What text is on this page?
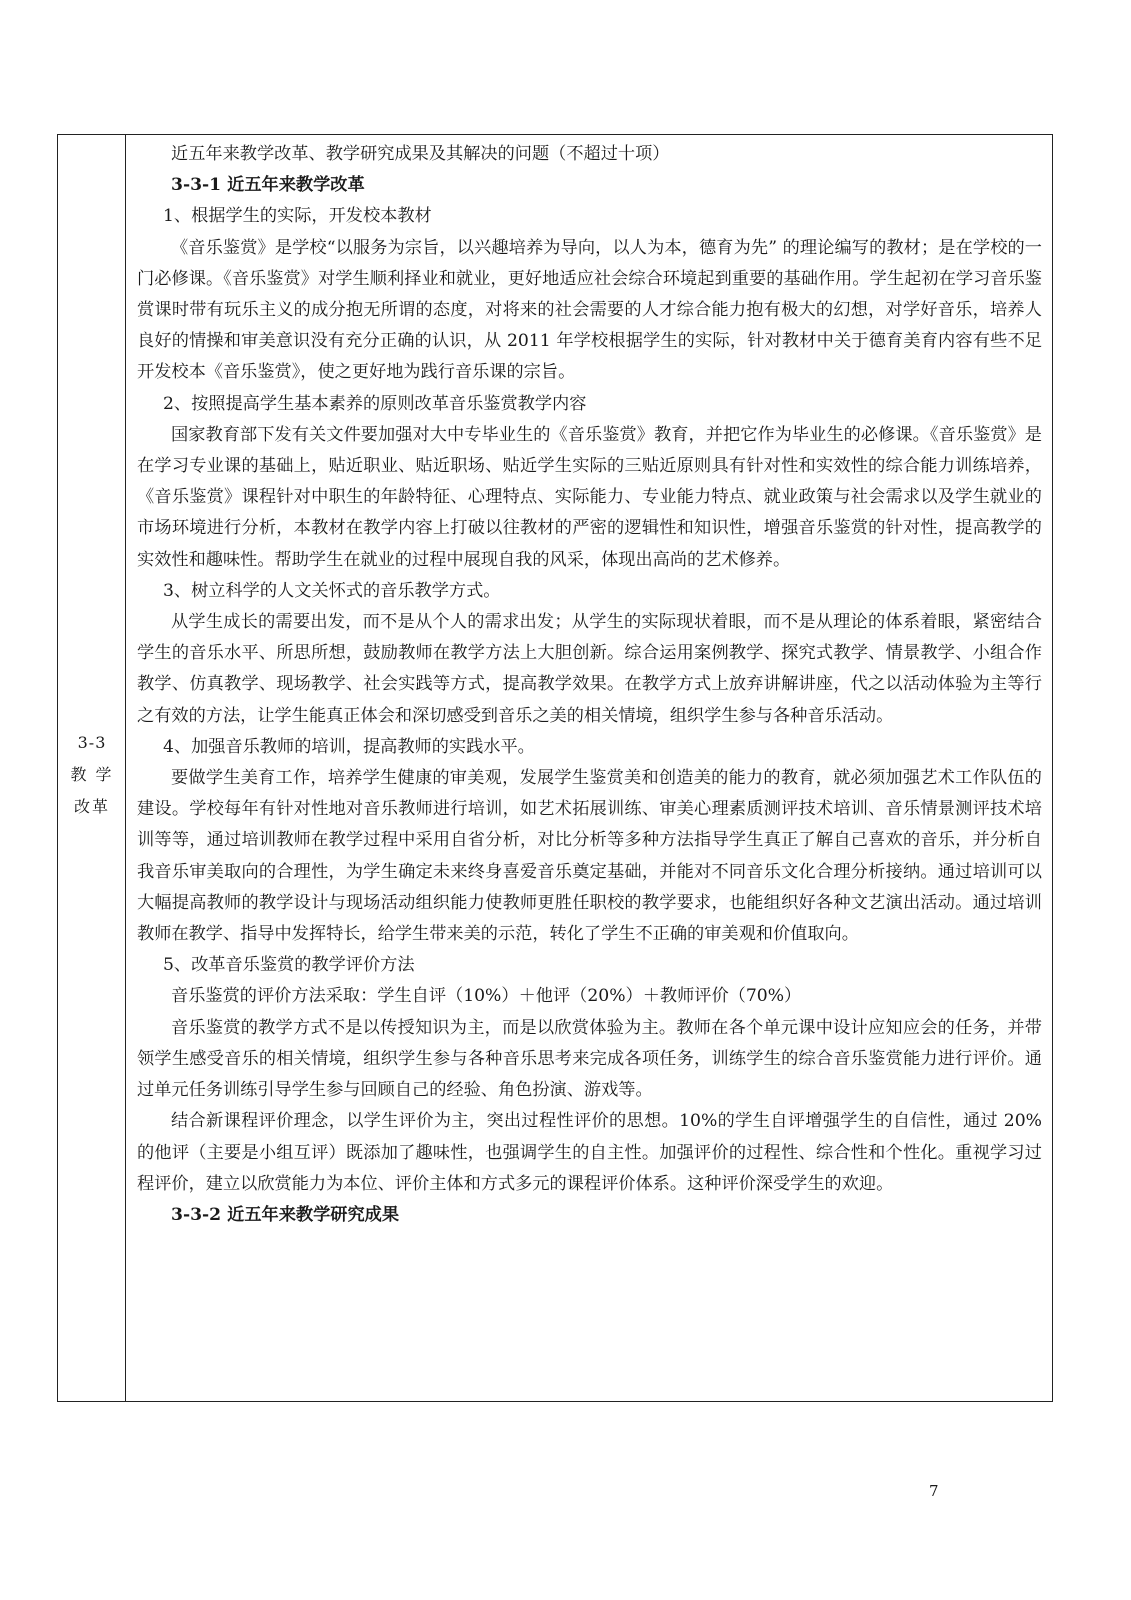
3-3
教 学
改革
近五年来教学改革、教学研究成果及其解决的问题（不超过十项）
3-3-1 近五年来教学改革
1、根据学生的实际，开发校本教材
《音乐鉴赏》是学校“以服务为宗旨，以兴趣培养为导向，以人为本，德育为先” 的理论编写的教材；是在学校的一门必修课。《音乐鉴赏》对学生顺利择业和就业，更好地适应社会综合环境起到重要的基础作用。学生起初在学习音乐鉴赏课时带有玩乐主义的成分抱无所谓的态度，对将来的社会需要的人才综合能力抱有极大的幻想，对学好音乐，培养人良好的情操和审美意识没有充分正确的认识，从 2011 年学校根据学生的实际，针对教材中关于德育美育内容有些不足开发校本《音乐鉴赏》，使之更好地为践行音乐课的宗旨。
2、按照提高学生基本素养的原则改革音乐鉴赏教学内容
国家教育部下发有关文件要加强对大中专毕业生的《音乐鉴赏》教育，并把它作为毕业生的必修课。《音乐鉴赏》是在学习专业课的基础上，贴近职业、贴近职场、贴近学生实际的三贴近原则具有针对性和实效性的综合能力训练培养，《音乐鉴赏》课程针对中职生的年龄特征、心理特点、实际能力、专业能力特点、就业政策与社会需求以及学生就业的市场环境进行分析，本教材在教学内容上打破以往教材的严密的逻辑性和知识性，增强音乐鉴赏的针对性，提高教学的实效性和趣味性。帮助学生在就业的过程中展现自我的风采，体现出高尚的艺术修养。
3、树立科学的人文关怀式的音乐教学方式。
从学生成长的需要出发，而不是从个人的需求出发；从学生的实际现状着眼，而不是从理论的体系着眼，紧密结合学生的音乐水平、所思所想，鼓励教师在教学方法上大胆创新。综合运用案例教学、探究式教学、情景教学、小组合作教学、仿真教学、现场教学、社会实践等方式，提高教学效果。在教学方式上放弃讲解讲座，代之以活动体验为主等行之有效的方法，让学生能真正体会和深切感受到音乐之美的相关情境，组织学生参与各种音乐活动。
4、加强音乐教师的培训，提高教师的实践水平。
要做学生美育工作，培养学生健康的审美观，发展学生鉴赏美和创造美的能力的教育，就必须加强艺术工作队伍的建设。学校每年有针对性地对音乐教师进行培训，如艺术拓展训练、审美心理素质测评技术培训、音乐情景测评技术培训等等，通过培训教师在教学过程中采用自省分析，对比分析等多种方法指导学生真正了解自己喜欢的音乐，并分析自我音乐审美取向的合理性，为学生确定未来终身喜爱音乐奠定基础，并能对不同音乐文化合理分析接纳。通过培训可以大幅提高教师的教学设计与现场活动组织能力使教师更胜任职校的教学要求，也能组织好各种文艺演出活动。通过培训教师在教学、指导中发挥特长，给学生带来美的示范，转化了学生不正确的审美观和价值取向。
5、改革音乐鉴赏的教学评价方法
音乐鉴赏的评价方法采取：学生自评（10%）＋他评（20%）＋教师评价（70%）
音乐鉴赏的教学方式不是以传授知识为主，而是以欣赏体验为主。教师在各个单元课中设计应知应会的任务，并带领学生感受音乐的相关情境，组织学生参与各种音乐思考来完成各项任务，训练学生的综合音乐鉴赏能力进行评价。通过单元任务训练引导学生参与回顾自己的经验、角色扮演、游戏等。
结合新课程评价理念，以学生评价为主，突出过程性评价的思想。10%的学生自评增强学生的自信性，通过 20%的他评（主要是小组互评）既添加了趣味性，也强调学生的自主性。加强评价的过程性、综合性和个性化。重视学习过程评价，建立以欣赏能力为本位、评价主体和方式多元的课程评价体系。这种评价深受学生的欢迎。
3-3-2 近五年来教学研究成果
7
